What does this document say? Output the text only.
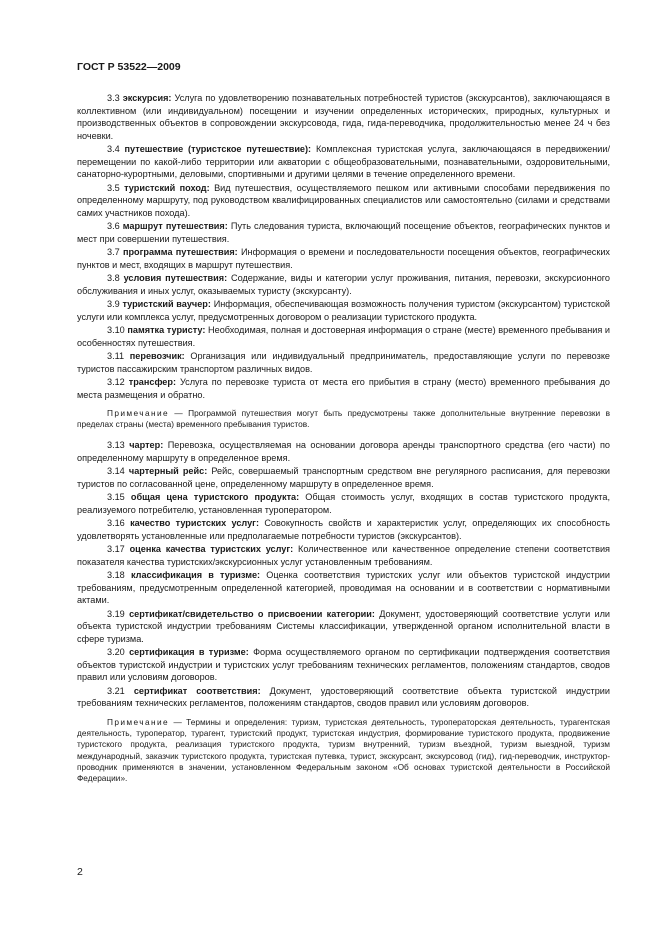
ГОСТ Р 53522—2009
3.3 экскурсия: Услуга по удовлетворению познавательных потребностей туристов (экскурсантов), заключающаяся в коллективном (или индивидуальном) посещении и изучении определенных исторических, природных, культурных и производственных объектов в сопровождении экскурсовода, гида, гида-переводчика, продолжительностью менее 24 ч без ночевки.
3.4 путешествие (туристское путешествие): Комплексная туристская услуга, заключающаяся в передвижении/перемещении по какой-либо территории или акватории с общеобразовательными, познавательными, оздоровительными, санаторно-курортными, деловыми, спортивными и другими целями в течение определенного времени.
3.5 туристский поход: Вид путешествия, осуществляемого пешком или активными способами передвижения по определенному маршруту, под руководством квалифицированных специалистов или самостоятельно (силами и средствами самих участников похода).
3.6 маршрут путешествия: Путь следования туриста, включающий посещение объектов, географических пунктов и мест при совершении путешествия.
3.7 программа путешествия: Информация о времени и последовательности посещения объектов, географических пунктов и мест, входящих в маршрут путешествия.
3.8 условия путешествия: Содержание, виды и категории услуг проживания, питания, перевозки, экскурсионного обслуживания и иных услуг, оказываемых туристу (экскурсанту).
3.9 туристский ваучер: Информация, обеспечивающая возможность получения туристом (экскурсантом) туристской услуги или комплекса услуг, предусмотренных договором о реализации туристского продукта.
3.10 памятка туристу: Необходимая, полная и достоверная информация о стране (месте) временного пребывания и особенностях путешествия.
3.11 перевозчик: Организация или индивидуальный предприниматель, предоставляющие услуги по перевозке туристов пассажирским транспортом различных видов.
3.12 трансфер: Услуга по перевозке туриста от места его прибытия в страну (место) временного пребывания до места размещения и обратно.
Примечание — Программой путешествия могут быть предусмотрены также дополнительные внутренние перевозки в пределах страны (места) временного пребывания туристов.
3.13 чартер: Перевозка, осуществляемая на основании договора аренды транспортного средства (его части) по определенному маршруту в определенное время.
3.14 чартерный рейс: Рейс, совершаемый транспортным средством вне регулярного расписания, для перевозки туристов по согласованной цене, определенному маршруту в определенное время.
3.15 общая цена туристского продукта: Общая стоимость услуг, входящих в состав туристского продукта, реализуемого потребителю, установленная туроператором.
3.16 качество туристских услуг: Совокупность свойств и характеристик услуг, определяющих их способность удовлетворять установленные или предполагаемые потребности туристов (экскурсантов).
3.17 оценка качества туристских услуг: Количественное или качественное определение степени соответствия показателя качества туристских/экскурсионных услуг установленным требованиям.
3.18 классификация в туризме: Оценка соответствия туристских услуг или объектов туристской индустрии требованиям, предусмотренным определенной категорией, проводимая на основании и в соответствии с нормативными актами.
3.19 сертификат/свидетельство о присвоении категории: Документ, удостоверяющий соответствие услуги или объекта туристской индустрии требованиям Системы классификации, утвержденной органом исполнительной власти в сфере туризма.
3.20 сертификация в туризме: Форма осуществляемого органом по сертификации подтверждения соответствия объектов туристской индустрии и туристских услуг требованиям технических регламентов, положениям стандартов, сводов правил или условиям договоров.
3.21 сертификат соответствия: Документ, удостоверяющий соответствие объекта туристской индустрии требованиям технических регламентов, положениям стандартов, сводов правил или условиям договоров.
Примечание — Термины и определения: туризм, туристская деятельность, туроператорская деятельность, турагентская деятельность, туроператор, турагент, туристский продукт, туристская индустрия, формирование туристского продукта, продвижение туристского продукта, реализация туристского продукта, туризм внутренний, туризм въездной, туризм выездной, туризм международный, заказчик туристского продукта, туристская путевка, турист, экскурсант, экскурсовод (гид), гид-переводчик, инструктор-проводник применяются в значении, установленном Федеральным законом «Об основах туристской деятельности в Российской Федерации».
2
